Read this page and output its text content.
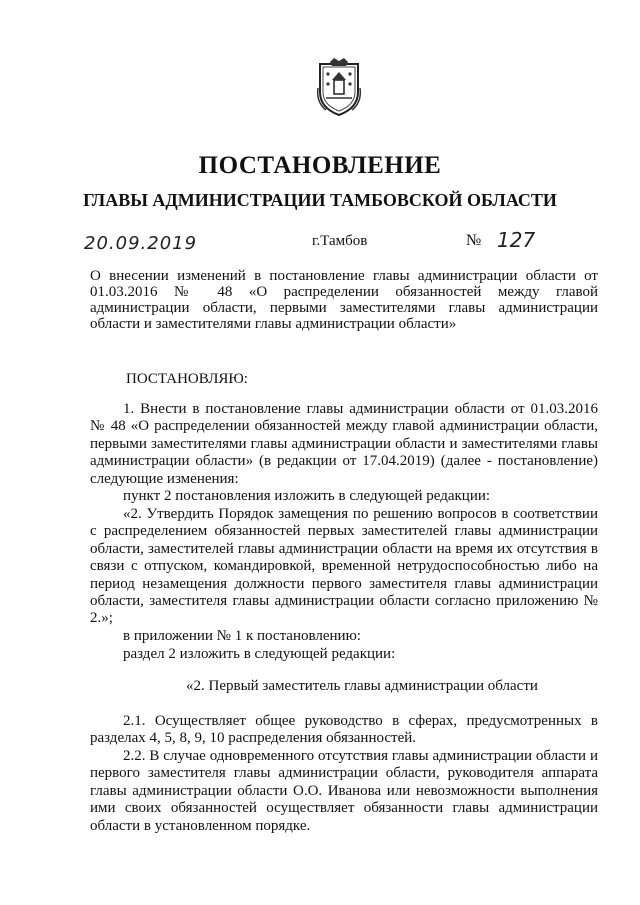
ПОСТАНОВЛЕНИЕ
ГЛАВЫ АДМИНИСТРАЦИИ ТАМБОВСКОЙ ОБЛАСТИ
20.09.2019	г.Тамбов	№ 127
О внесении изменений в постановление главы администрации области от 01.03.2016 № 48 «О распределении обязанностей между главой администрации области, первыми заместителями главы администрации области и заместителями главы администрации области»
ПОСТАНОВЛЯЮ:

1. Внести в постановление главы администрации области от 01.03.2016 № 48 «О распределении обязанностей между главой администрации области, первыми заместителями главы администрации области и заместителями главы администрации области» (в редакции от 17.04.2019) (далее - постановление) следующие изменения:

пункт 2 постановления изложить в следующей редакции:

«2. Утвердить Порядок замещения по решению вопросов в соответствии с распределением обязанностей первых заместителей главы администрации области, заместителей главы администрации области на время их отсутствия в связи с отпуском, командировкой, временной нетрудоспособностью либо на период незамещения должности первого заместителя главы администрации области, заместителя главы администрации области согласно приложению № 2.»;

в приложении № 1 к постановлению:

раздел 2 изложить в следующей редакции:

«2. Первый заместитель главы администрации области

2.1. Осуществляет общее руководство в сферах, предусмотренных в разделах 4, 5, 8, 9, 10 распределения обязанностей.

2.2. В случае одновременного отсутствия главы администрации области и первого заместителя главы администрации области, руководителя аппарата главы администрации области О.О. Иванова или невозможности выполнения ими своих обязанностей осуществляет обязанности главы администрации области в установленном порядке.
